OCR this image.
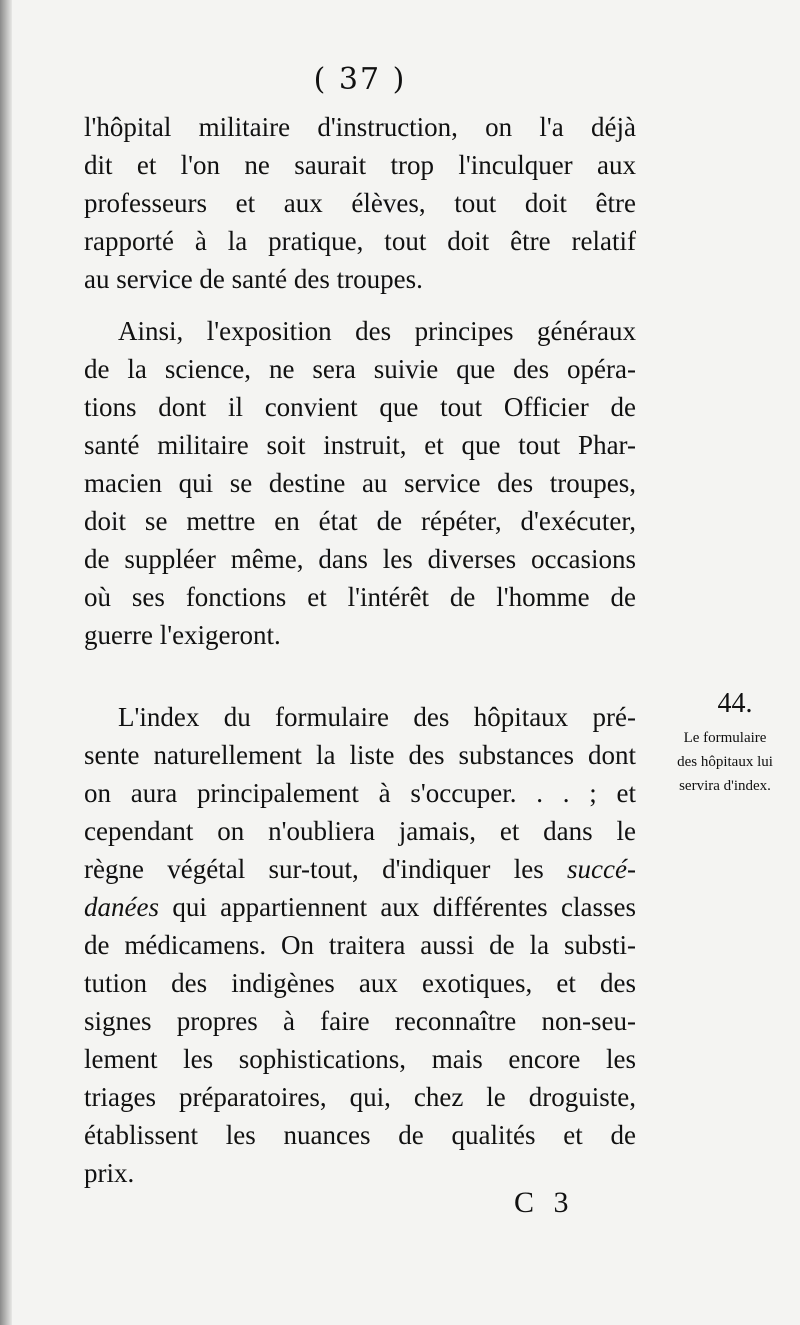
( 37 )
l'hôpital militaire d'instruction, on l'a déjà
dit et l'on ne saurait trop l'inculquer aux
professeurs et aux élèves, tout doit être
rapporté à la pratique, tout doit être relatif
au service de santé des troupes.
Ainsi, l'exposition des principes généraux
de la science, ne sera suivie que des opéra-
tions dont il convient que tout Officier de
santé militaire soit instruit, et que tout Phar-
macien qui se destine au service des troupes,
doit se mettre en état de répéter, d'exécuter,
de suppléer même, dans les diverses occasions
où ses fonctions et l'intérêt de l'homme de
guerre l'exigeront.
L'index du formulaire des hôpitaux pré-
sente naturellement la liste des substances dont
on aura principalement à s'occuper. . . ; et
cependant on n'oubliera jamais, et dans le
règne végétal sur-tout, d'indiquer les succé-
danées qui appartiennent aux différentes classes
de médicamens. On traitera aussi de la substi-
tution des indigènes aux exotiques, et des
signes propres à faire reconnaître non-seu-
lement les sophistications, mais encore les
triages préparatoires, qui, chez le droguiste,
établissent les nuances de qualités et de
prix.
44.
Le formulaire
des hôpitaux lui
servira d'index.
C 3
